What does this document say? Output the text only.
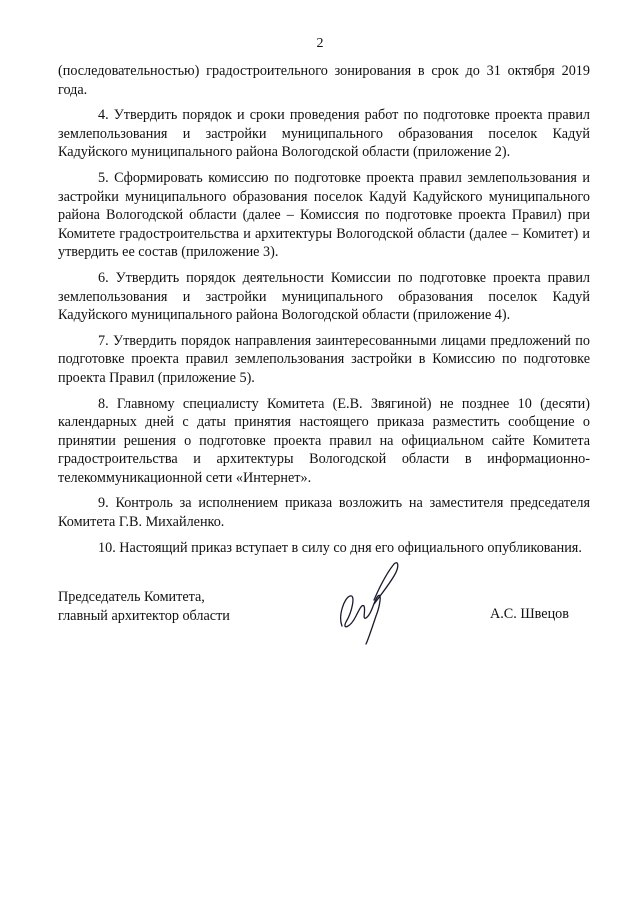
2

(последовательностью) градостроительного зонирования в срок до 31 октября 2019 года.

4. Утвердить порядок и сроки проведения работ по подготовке проекта правил землепользования и застройки муниципального образования поселок Кадуй Кадуйского муниципального района Вологодской области (приложение 2).

5. Сформировать комиссию по подготовке проекта правил землепользования и застройки муниципального образования поселок Кадуй Кадуйского муниципального района Вологодской области (далее – Комиссия по подготовке проекта Правил) при Комитете градостроительства и архитектуры Вологодской области (далее – Комитет) и утвердить ее состав (приложение 3).

6. Утвердить порядок деятельности Комиссии по подготовке проекта правил землепользования и застройки муниципального образования поселок Кадуй Кадуйского муниципального района Вологодской области (приложение 4).

7. Утвердить порядок направления заинтересованными лицами предложений по подготовке проекта правил землепользования застройки в Комиссию по подготовке проекта Правил (приложение 5).

8. Главному специалисту Комитета (Е.В. Звягиной) не позднее 10 (десяти) календарных дней с даты принятия настоящего приказа разместить сообщение о принятии решения о подготовке проекта правил на официальном сайте Комитета градостроительства и архитектуры Вологодской области в информационно-телекоммуникационной сети «Интернет».

9. Контроль за исполнением приказа возложить на заместителя председателя Комитета Г.В. Михайленко.

10. Настоящий приказ вступает в силу со дня его официального опубликования.

Председатель Комитета,
главный архитектор области	А.С. Швецов
